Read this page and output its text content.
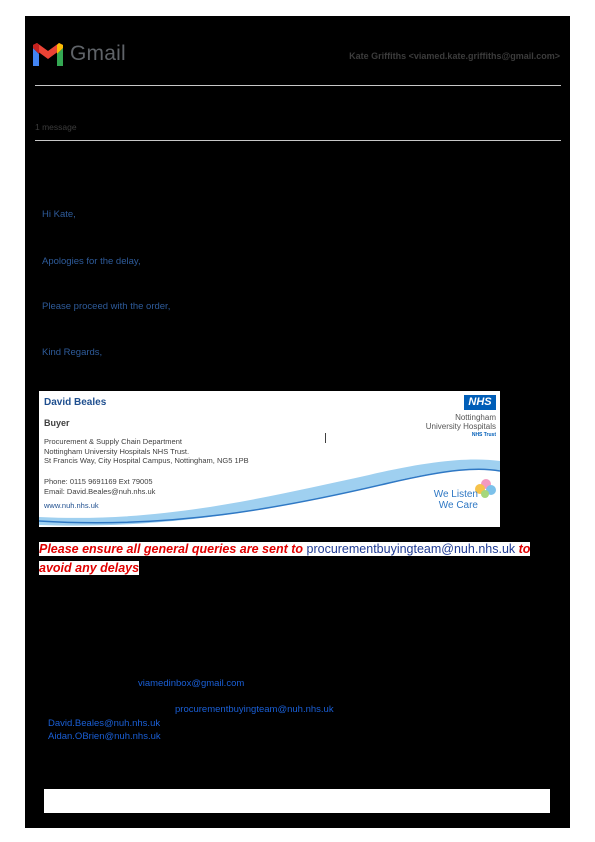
Gmail	Kate Griffiths <viamed.kate.griffiths@gmail.com>
1 message
Hi Kate,
Apologies for the delay,
Please proceed with the order,
Kind Regards,
David Beales
Buyer
Procurement & Supply Chain Department
Nottingham University Hospitals NHS Trust.
St Francis Way, City Hospital Campus, Nottingham, NG5 1PB
Phone: 0115 9691169 Ext 79005
Email: David.Beales@nuh.nhs.uk
www.nuh.nhs.uk
NHS
Nottingham
University Hospitals
NHS Trust
We Listen
We Care
Please ensure all general queries are sent to procurementbuyingteam@nuh.nhs.uk to avoid any delays
viamedinbox@gmail.com
procurementbuyingteam@nuh.nhs.uk
David.Beales@nuh.nhs.uk
Aidan.OBrien@nuh.nhs.uk
